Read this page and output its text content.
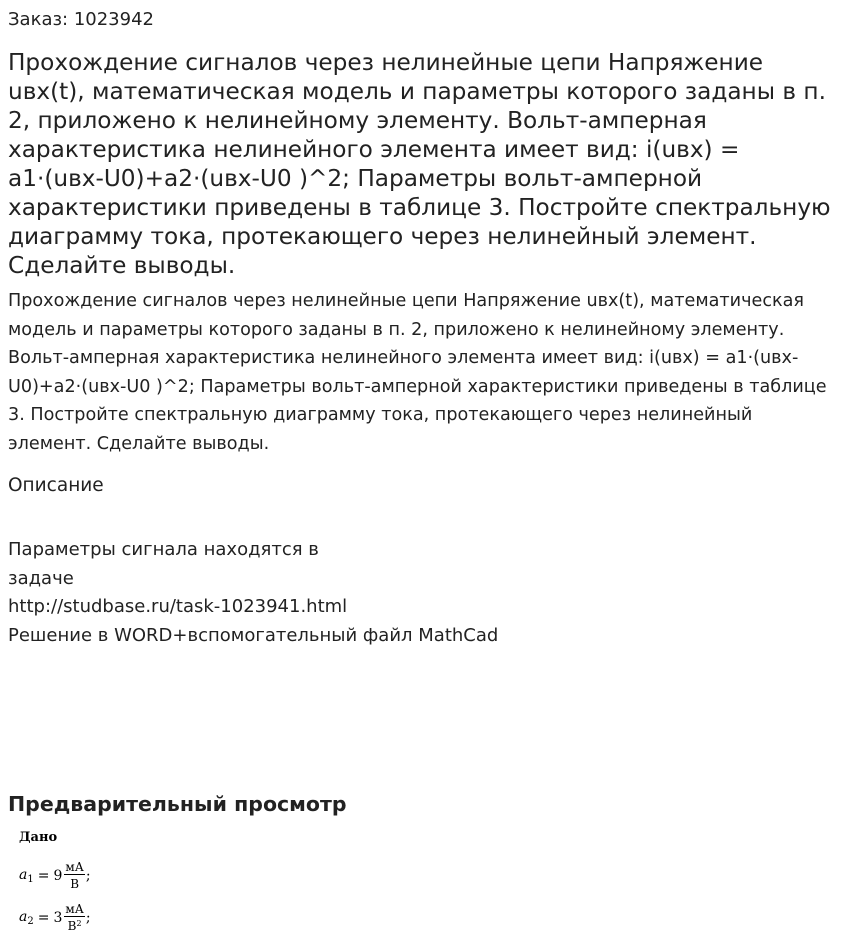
Заказ: 1023942
Прохождение сигналов через нелинейные цепи Напряжение uвх(t), математическая модель и параметры которого заданы в п. 2, приложено к нелинейному элементу. Вольт-амперная характеристика нелинейного элемента имеет вид: i(uвх) = a1·(uвх-U0)+a2·(uвх-U0 )^2; Параметры вольт-амперной характеристики приведены в таблице 3. Постройте спектральную диаграмму тока, протекающего через нелинейный элемент. Сделайте выводы.

Прохождение сигналов через нелинейные цепи Напряжение uвх(t), математическая модель и параметры которого заданы в п. 2, приложено к нелинейному элементу. Вольт-амперная характеристика нелинейного элемента имеет вид: i(uвх) = a1·(uвх-U0)+a2·(uвх-U0 )^2; Параметры вольт-амперной характеристики приведены в таблице 3. Постройте спектральную диаграмму тока, протекающего через нелинейный элемент. Сделайте выводы.

Описание
Параметры сигнала находятся в
задаче
http://studbase.ru/task-1023941.html
Решение в WORD+вспомогательный файл MathCad
Предварительный просмотр
Дано
$a_1 = 9 \frac{мА}{В}$ ;
$a_2 = 3 \frac{мА}{В^2}$ ;
